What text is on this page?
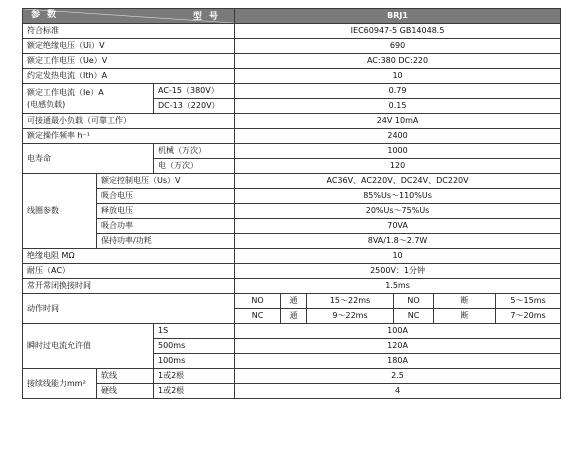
参 数 型 号			BRJ1					
符合标准			IEC60947-5 GB14048.5					
额定绝缘电压（Ui）V			690					
额定工作电压（Ue）V			AC:380 DC:220					
约定发热电流（Ith）A			10					

额定工作电流（Ie）A
(电感负载)		AC-15（380V）	0.79					
		DC-13（220V）	0.15					
可接通最小负载（可靠工作）			24V 10mA					
额定操作频率 h⁻¹			2400					
电寿命		机械（万次）	1000					
		电（万次）	120					
线圈参数	额定控制电压（Us）V		AC36V、AC220V、DC24V、DC220V					
	吸合电压		85%Us～110%Us					
	释放电压		20%Us～75%Us					
	吸合功率		70VA					
	保持功率/功耗		8VA/1.8～2.7W					
绝缘电阻 MΩ			10					
耐压（AC）			2500V：1分钟					
常开常闭换接时间			1.5ms					
动作时间			NO	通	15～22ms	NO	断	5～15ms
			NC	通	9～22ms	NC	断	7～20ms
瞬时过电流允许值		1S	100A					
		500ms	120A					
		100ms	180A					
接续线能力mm²	软线	1或2根	2.5					
	硬线	1或2根	4					
